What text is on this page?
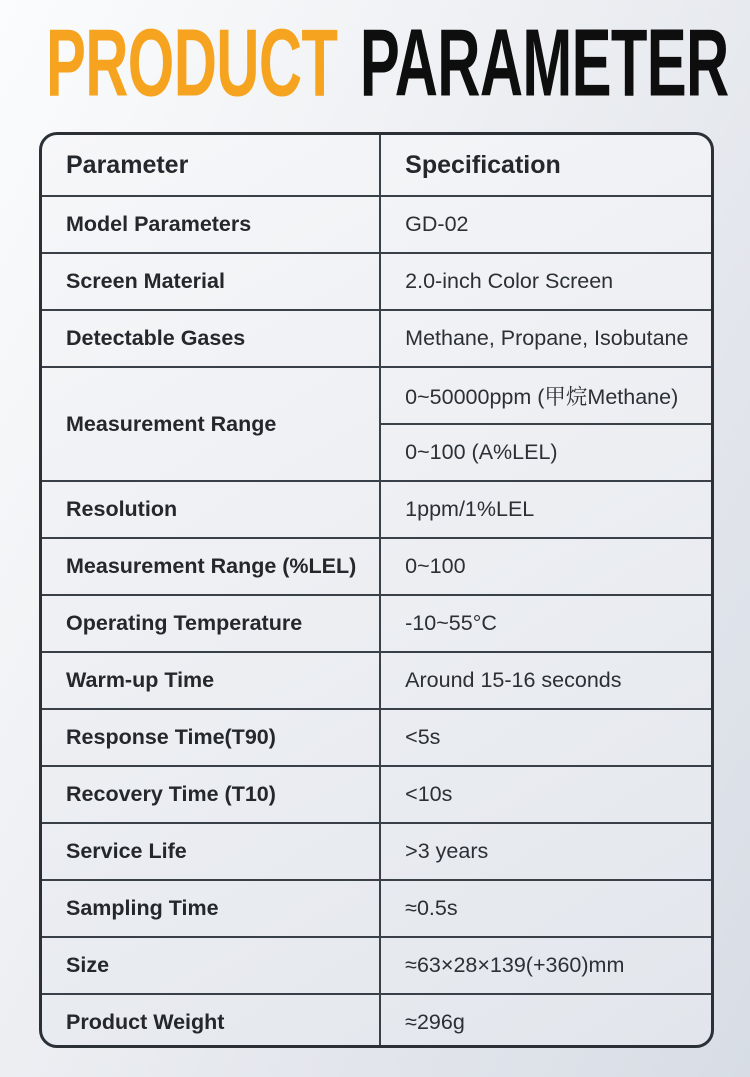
PRODUCT PARAMETER
Parameter	Specification
Model Parameters	GD-02
Screen Material	2.0-inch Color Screen
Detectable Gases	Methane, Propane, Isobutane
Measurement Range	0~50000ppm (甲烷Methane)
	0~100 (A%LEL)
Resolution	1ppm/1%LEL
Measurement Range (%LEL)	0~100
Operating Temperature	-10~55°C
Warm-up Time	Around 15-16 seconds
Response Time(T90)	<5s
Recovery Time (T10)	<10s
Service Life	>3 years
Sampling Time	≈0.5s
Size	≈63×28×139(+360)mm
Product Weight	≈296g
